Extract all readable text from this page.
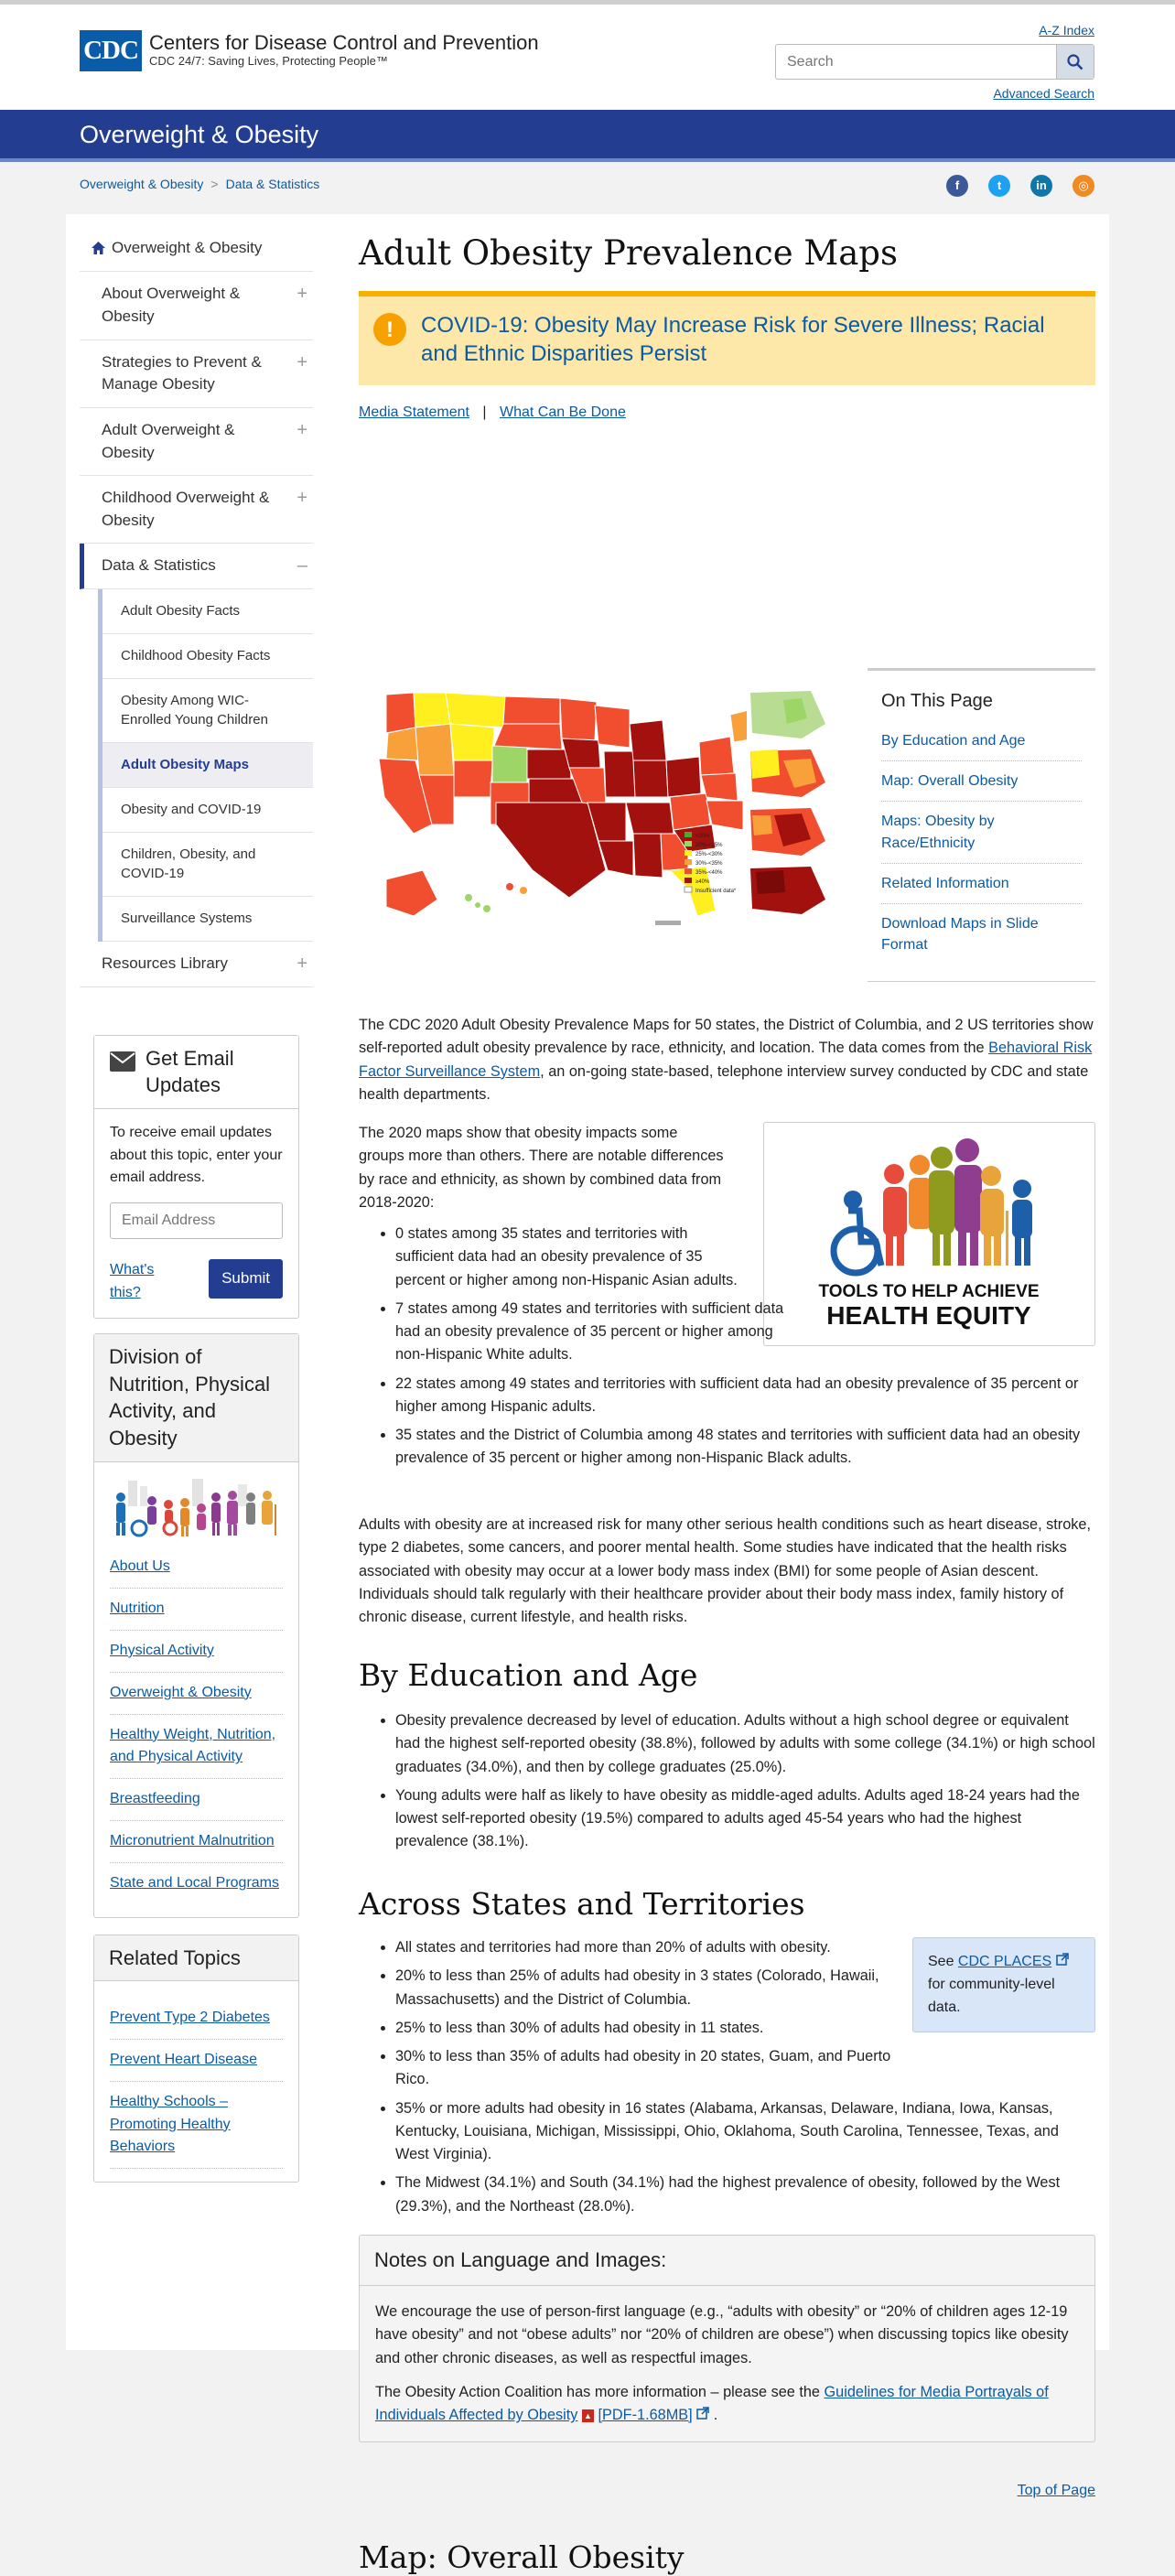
CDC Centers for Disease Control and Prevention
CDC 24/7: Saving Lives, Protecting People™
A-Z Index
Search
Advanced Search
Overweight & Obesity
Overweight & Obesity > Data & Statistics	f	t	in	◎
Overweight & Obesity
About Overweight & Obesity
+
Strategies to Prevent & Manage Obesity
+
Adult Overweight & Obesity
+
Childhood Overweight & Obesity
+
Data & Statistics	–
Adult Obesity Facts
Childhood Obesity Facts
Obesity Among WIC-Enrolled Young Children
Adult Obesity Maps
Obesity and COVID-19
Children, Obesity, and COVID-19
Surveillance Systems
Resources Library	+
Get Email Updates
To receive email updates about this topic, enter your email address.
Email Address
What's this?
Submit
Division of Nutrition, Physical Activity, and Obesity
About Us
Nutrition
Physical Activity
Overweight & Obesity
Healthy Weight, Nutrition, and Physical Activity
Breastfeeding
Micronutrient Malnutrition
State and Local Programs
Related Topics
Prevent Type 2 Diabetes
Prevent Heart Disease
Healthy Schools – Promoting Healthy Behaviors
Adult Obesity Prevalence Maps
!	COVID-19: Obesity May Increase Risk for Severe Illness; Racial and Ethnic Disparities Persist
Media Statement | What Can Be Done
<20%
20%-<25%
25%-<30%
30%-<35%
35%-<40%
≥40%
Insufficient data*
On This Page
By Education and Age
Map: Overall Obesity
Maps: Obesity by Race/Ethnicity
Related Information
Download Maps in Slide Format

The CDC 2020 Adult Obesity Prevalence Maps for 50 states, the District of Columbia, and 2 US territories show self-reported adult obesity prevalence by race, ethnicity, and location. The data comes from the Behavioral Risk Factor Surveillance System, an on-going state-based, telephone interview survey conducted by CDC and state health departments.

TOOLS TO HELP ACHIEVE
HEALTH EQUITY

The 2020 maps show that obesity impacts some groups more than others. There are notable differences by race and ethnicity, as shown by combined data from 2018-2020:

• 0 states among 35 states and territories with sufficient data had an obesity prevalence of 35 percent or higher among non-Hispanic Asian adults.
• 7 states among 49 states and territories with sufficient data had an obesity prevalence of 35 percent or higher among non-Hispanic White adults.
• 22 states among 49 states and territories with sufficient data had an obesity prevalence of 35 percent or higher among Hispanic adults.
• 35 states and the District of Columbia among 48 states and territories with sufficient data had an obesity prevalence of 35 percent or higher among non-Hispanic Black adults.

Adults with obesity are at increased risk for many other serious health conditions such as heart disease, stroke, type 2 diabetes, some cancers, and poorer mental health. Some studies have indicated that the health risks associated with obesity may occur at a lower body mass index (BMI) for some people of Asian descent. Individuals should talk regularly with their healthcare provider about their body mass index, family history of chronic disease, current lifestyle, and health risks.

By Education and Age
• Obesity prevalence decreased by level of education. Adults without a high school degree or equivalent had the highest self-reported obesity (38.8%), followed by adults with some college (34.1%) or high school graduates (34.0%), and then by college graduates (25.0%).
• Young adults were half as likely to have obesity as middle-aged adults. Adults aged 18-24 years had the lowest self-reported obesity (19.5%) compared to adults aged 45-54 years who had the highest prevalence (38.1%).
Across States and Territories
See CDC PLACES  for community-level data.
• All states and territories had more than 20% of adults with obesity.
• 20% to less than 25% of adults had obesity in 3 states (Colorado, Hawaii, Massachusetts) and the District of Columbia.
• 25% to less than 30% of adults had obesity in 11 states.
• 30% to less than 35% of adults had obesity in 20 states, Guam, and Puerto Rico.
• 35% or more adults had obesity in 16 states (Alabama, Arkansas, Delaware, Indiana, Iowa, Kansas, Kentucky, Louisiana, Michigan, Mississippi, Ohio, Oklahoma, South Carolina, Tennessee, Texas, and West Virginia).
• The Midwest (34.1%) and South (34.1%) had the highest prevalence of obesity, followed by the West (29.3%), and the Northeast (28.0%).
Notes on Language and Images:

We encourage the use of person-first language (e.g., “adults with obesity” or “20% of children ages 12-19 have obesity” and not “obese adults” nor “20% of children are obese”) when discussing topics like obesity and other chronic diseases, as well as respectful images.

The Obesity Action Coalition has more information – please see the Guidelines for Media Portrayals of Individuals Affected by Obesity ▲ [PDF-1.68MB] .

Top of Page
Map: Overall Obesity
